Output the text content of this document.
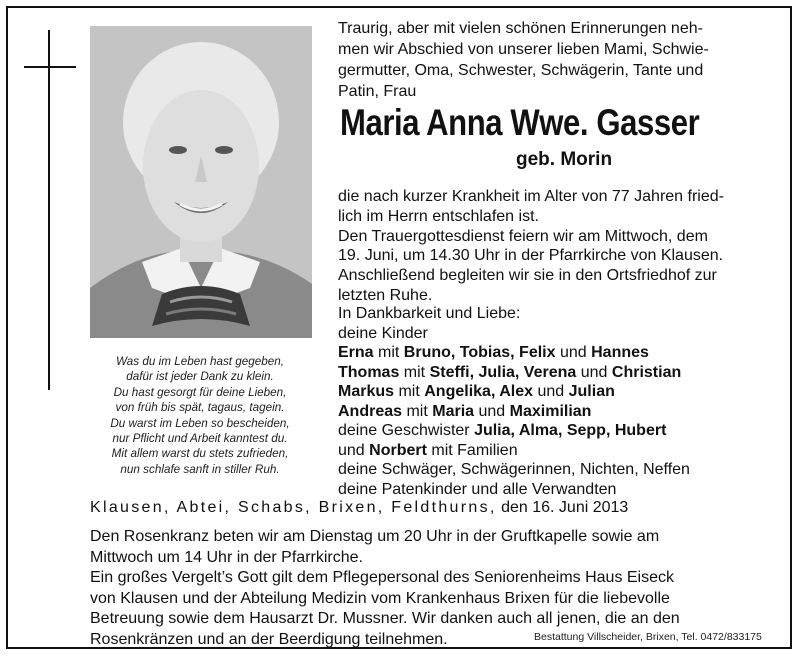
Was du im Leben hast gegeben,
dafür ist jeder Dank zu klein.
Du hast gesorgt für deine Lieben,
von früh bis spät, tagaus, tagein.
Du warst im Leben so bescheiden,
nur Pflicht und Arbeit kanntest du.
Mit allem warst du stets zufrieden,
nun schlafe sanft in stiller Ruh.
Traurig, aber mit vielen schönen Erinnerungen neh-
men wir Abschied von unserer lieben Mami, Schwie-
germutter, Oma, Schwester, Schwägerin, Tante und
Patin, Frau
Maria Anna Wwe. Gasser
geb. Morin
die nach kurzer Krankheit im Alter von 77 Jahren fried-
lich im Herrn entschlafen ist.
Den Trauergottesdienst feiern wir am Mittwoch, dem
19. Juni, um 14.30 Uhr in der Pfarrkirche von Klausen.
Anschließend begleiten wir sie in den Ortsfriedhof zur
letzten Ruhe.
In Dankbarkeit und Liebe:
deine Kinder
Erna mit Bruno, Tobias, Felix und Hannes
Thomas mit Steffi, Julia, Verena und Christian
Markus mit Angelika, Alex und Julian
Andreas mit Maria und Maximilian
deine Geschwister Julia, Alma, Sepp, Hubert
und Norbert mit Familien
deine Schwäger, Schwägerinnen, Nichten, Neffen
deine Patenkinder und alle Verwandten
Klausen, Abtei, Schabs, Brixen, Feldthurns, den 16. Juni 2013
Den Rosenkranz beten wir am Dienstag um 20 Uhr in der Gruftkapelle sowie am
Mittwoch um 14 Uhr in der Pfarrkirche.
Ein großes Vergelt’s Gott gilt dem Pflegepersonal des Seniorenheims Haus Eiseck
von Klausen und der Abteilung Medizin vom Krankenhaus Brixen für die liebevolle
Betreuung sowie dem Hausarzt Dr. Mussner. Wir danken auch all jenen, die an den
Rosenkränzen und an der Beerdigung teilnehmen.	Bestattung Villscheider, Brixen, Tel. 0472/833175
